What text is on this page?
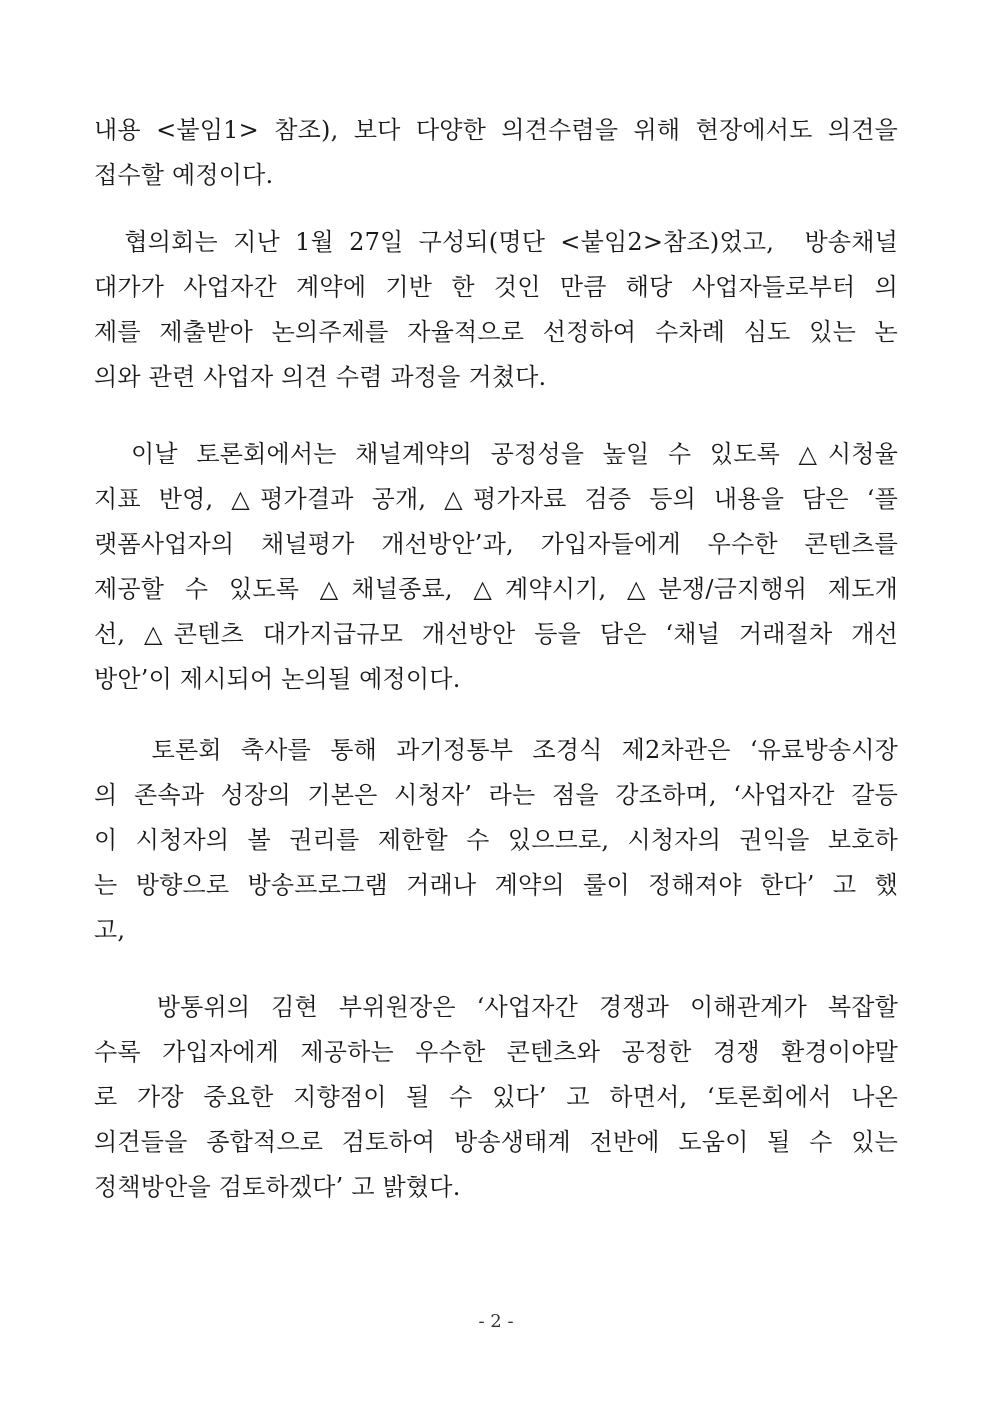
내용 <붙임1> 참조), 보다 다양한 의견수렴을 위해 현장에서도 의견을
접수할 예정이다.
협의회는 지난 1월 27일 구성되(명단 <붙임2>참조)었고,  방송채널
대가가 사업자간 계약에 기반 한 것인 만큼 해당 사업자들로부터 의
제를 제출받아 논의주제를 자율적으로 선정하여 수차례 심도 있는 논
의와 관련 사업자 의견 수렴 과정을 거쳤다.
이날 토론회에서는 채널계약의 공정성을 높일 수 있도록 △시청율
지표 반영, △평가결과 공개, △평가자료 검증 등의 내용을 담은 ‘플
랫폼사업자의 채널평가 개선방안’과, 가입자들에게 우수한 콘텐츠를
제공할 수 있도록 △채널종료, △계약시기, △분쟁/금지행위 제도개
선, △콘텐츠 대가지급규모 개선방안 등을 담은 ‘채널 거래절차 개선
방안’이 제시되어 논의될 예정이다.
토론회 축사를 통해 과기정통부 조경식 제2차관은 ‘유료방송시장
의 존속과 성장의 기본은 시청자’ 라는 점을 강조하며, ‘사업자간 갈등
이 시청자의 볼 권리를 제한할 수 있으므로, 시청자의 권익을 보호하
는 방향으로 방송프로그램 거래나 계약의 룰이 정해져야 한다’ 고 했
고,
방통위의 김현 부위원장은 ‘사업자간 경쟁과 이해관계가 복잡할
수록 가입자에게 제공하는 우수한 콘텐츠와 공정한 경쟁 환경이야말
로 가장 중요한 지향점이 될 수 있다’ 고 하면서, ‘토론회에서 나온
의견들을 종합적으로 검토하여 방송생태계 전반에 도움이 될 수 있는
정책방안을 검토하겠다’ 고 밝혔다.
- 2 -
